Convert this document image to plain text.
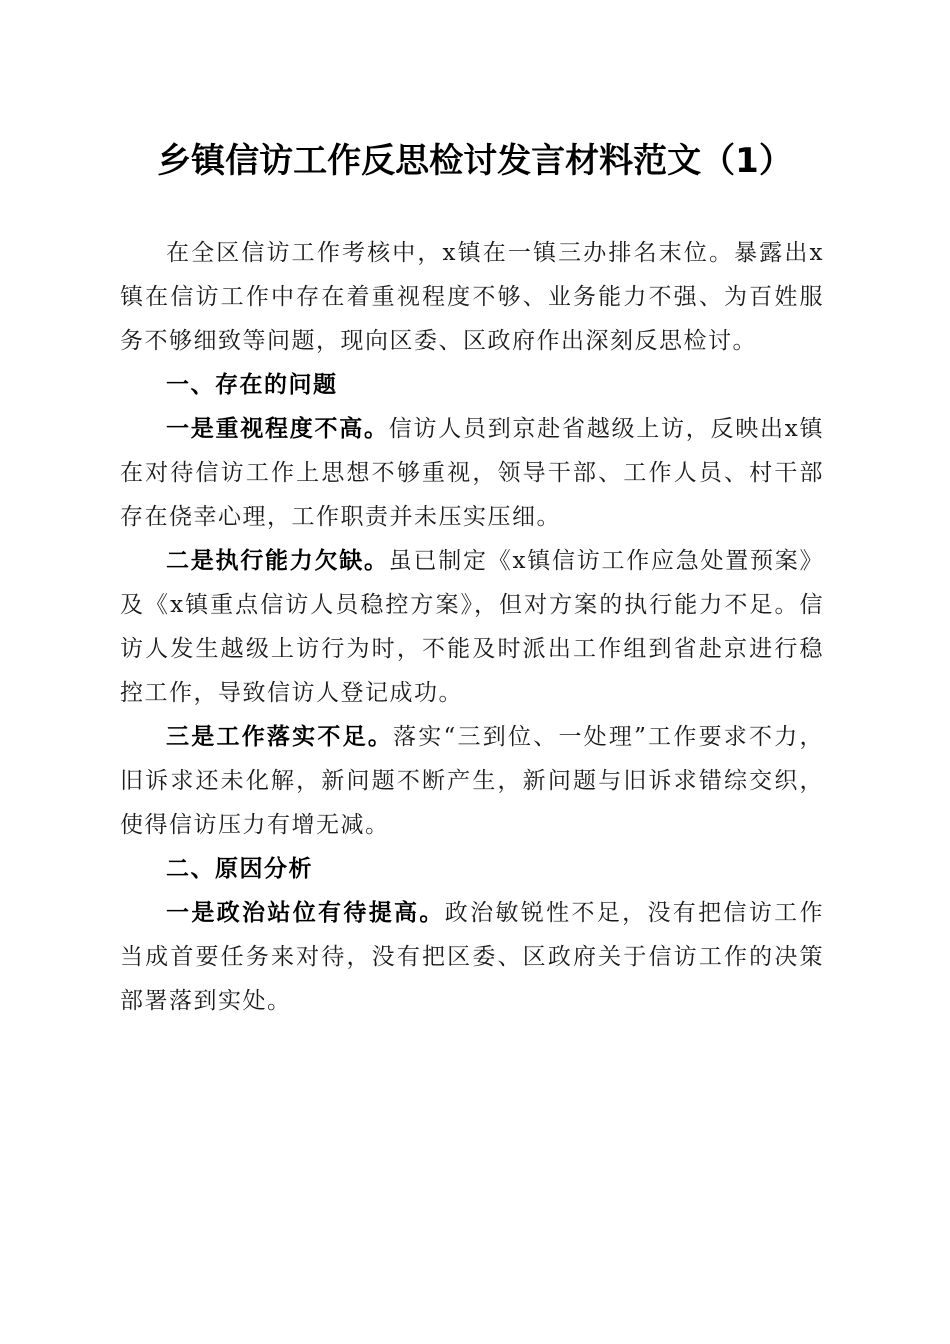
乡镇信访工作反思检讨发言材料范文（1）

在全区信访工作考核中，x镇在一镇三办排名末位。暴露出x镇在信访工作中存在着重视程度不够、业务能力不强、为百姓服务不够细致等问题，现向区委、区政府作出深刻反思检讨。

一、存在的问题

一是重视程度不高。信访人员到京赴省越级上访，反映出x镇在对待信访工作上思想不够重视，领导干部、工作人员、村干部存在侥幸心理，工作职责并未压实压细。

二是执行能力欠缺。虽已制定《x镇信访工作应急处置预案》及《x镇重点信访人员稳控方案》，但对方案的执行能力不足。信访人发生越级上访行为时，不能及时派出工作组到省赴京进行稳控工作，导致信访人登记成功。

三是工作落实不足。落实“三到位、一处理”工作要求不力，旧诉求还未化解，新问题不断产生，新问题与旧诉求错综交织，使得信访压力有增无减。

二、原因分析

一是政治站位有待提高。政治敏锐性不足，没有把信访工作当成首要任务来对待，没有把区委、区政府关于信访工作的决策部署落到实处。
